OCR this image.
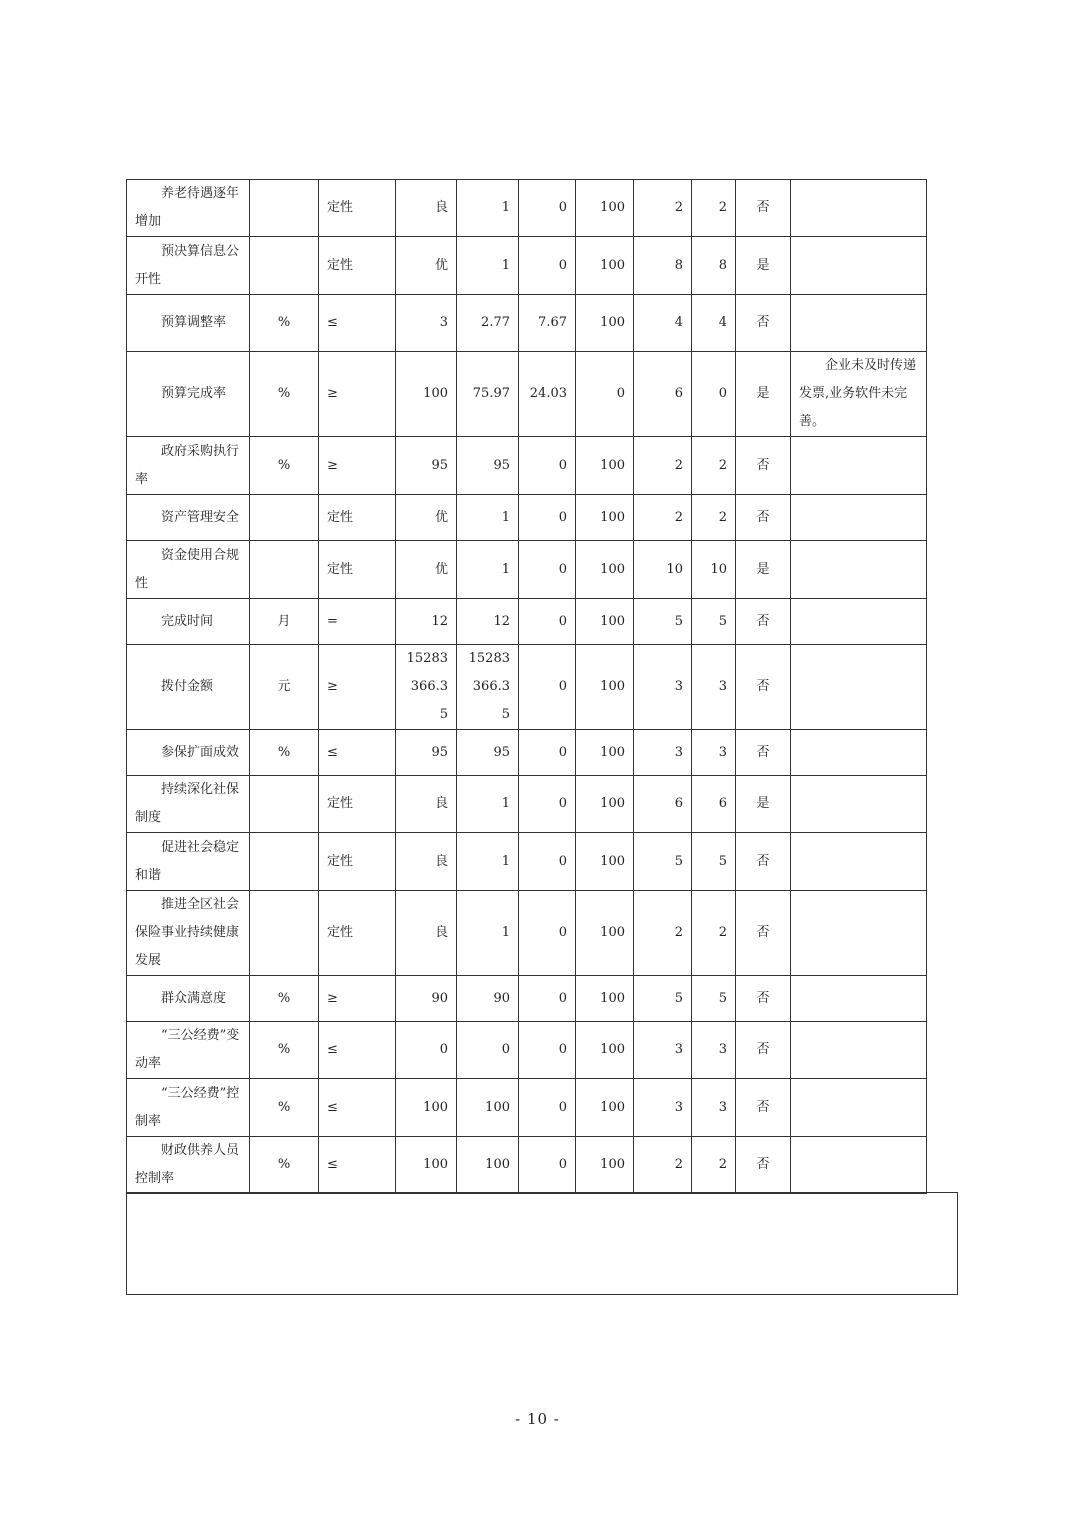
养老待遇逐年增加		定性	良	1	0	100	2	2	否	
预决算信息公开性		定性	优	1	0	100	8	8	是	
预算调整率	%	≤	3	2.77	7.67	100	4	4	否	
预算完成率	%	≥	100	75.97	24.03	0	6	0	是	企业未及时传递发票,业务软件未完善。
政府采购执行率	%	≥	95	95	0	100	2	2	否	
资产管理安全		定性	优	1	0	100	2	2	否	
资金使用合规性		定性	优	1	0	100	10	10	是	
完成时间	月	=	12	12	0	100	5	5	否	
拨付金额	元	≥	15283366.35	15283366.35	0	100	3	3	否	
参保扩面成效	%	≤	95	95	0	100	3	3	否	
持续深化社保制度		定性	良	1	0	100	6	6	是	
促进社会稳定和谐		定性	良	1	0	100	5	5	否	
推进全区社会保险事业持续健康发展		定性	良	1	0	100	2	2	否	
群众满意度	%	≥	90	90	0	100	5	5	否	
“三公经费”变动率	%	≤	0	0	0	100	3	3	否	
“三公经费”控制率	%	≤	100	100	0	100	3	3	否	
财政供养人员控制率	%	≤	100	100	0	100	2	2	否	
- 10 -
